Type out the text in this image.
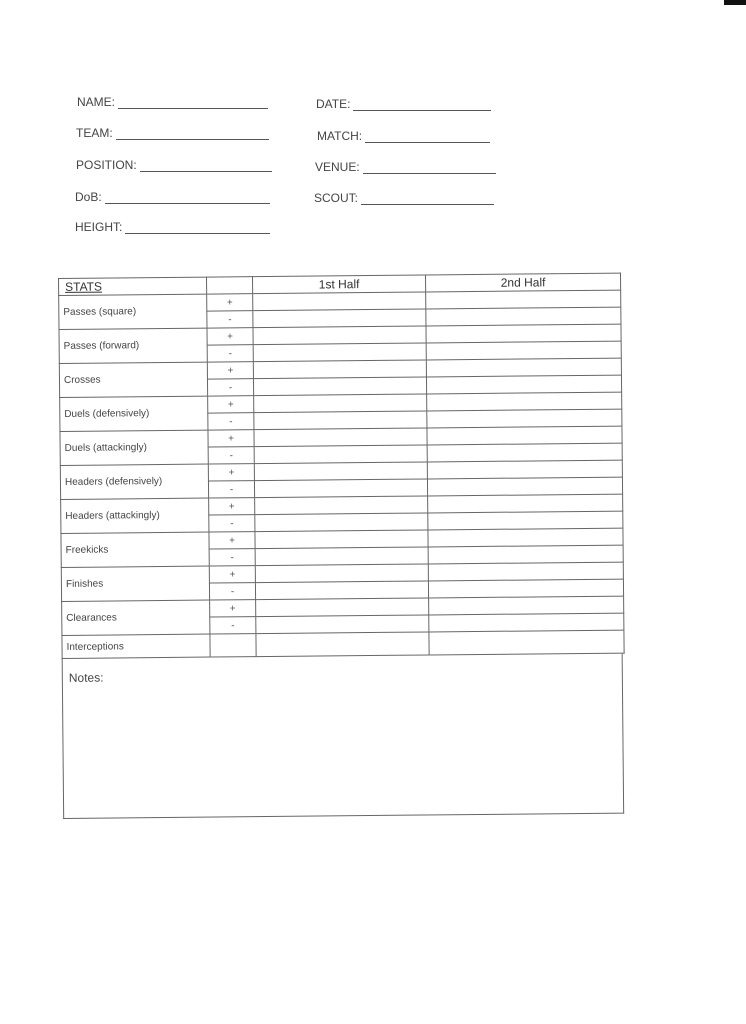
NAME:
TEAM:
POSITION:
DoB:
HEIGHT:
DATE:
MATCH:
VENUE:
SCOUT:
STATS		1st Half	2nd Half
Passes (square)	+		
	-		
Passes (forward)	+		
	-		
Crosses	+		
	-		
Duels (defensively)	+		
	-		
Duels (attackingly)	+		
	-		
Headers (defensively)	+		
	-		
Headers (attackingly)	+		
	-		
Freekicks	+		
	-		
Finishes	+		
	-		
Clearances	+		
	-		
Interceptions			
Notes:
